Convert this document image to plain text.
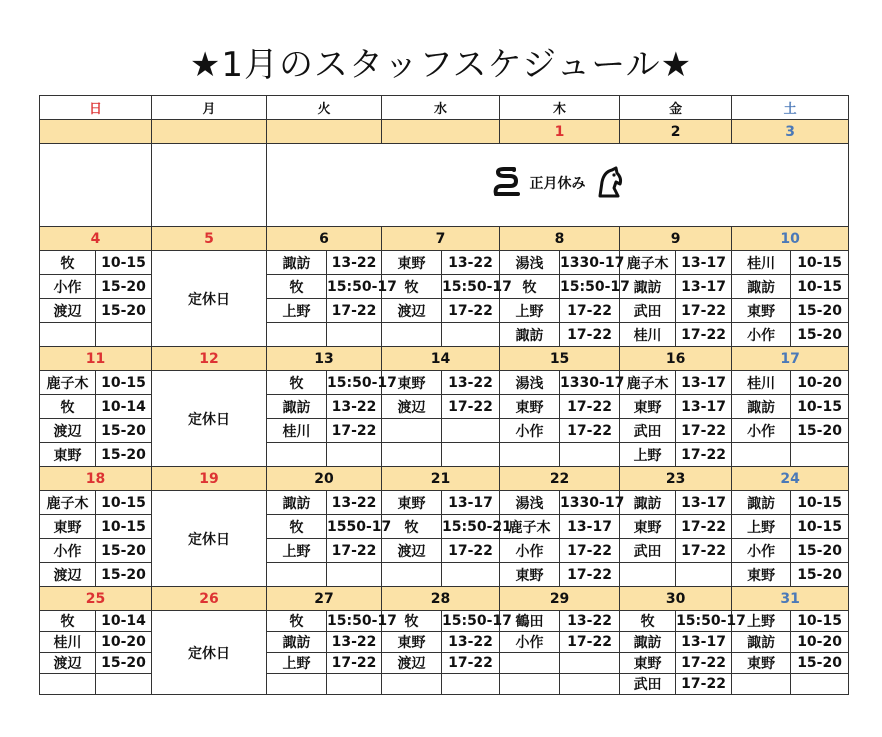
★1月のスタッフスケジュール★
日		月	火		水		木		金		土	
							1		2		3	

			正月休み									

4		5	6		7		8		9		10	
牧	10-15	定休日	諏訪	13-22	東野	13-22	湯浅	1330-17	鹿子木	13-17	桂川	10-15
小作	15-20		牧	15:50-17	牧	15:50-17	牧	15:50-17	諏訪	13-17	諏訪	10-15
渡辺	15-20		上野	17-22	渡辺	17-22	上野	17-22	武田	17-22	東野	15-20
							諏訪	17-22	桂川	17-22	小作	15-20
11		12	13		14		15		16		17	
鹿子木	10-15	定休日	牧	15:50-17	東野	13-22	湯浅	1330-17	鹿子木	13-17	桂川	10-20
牧	10-14		諏訪	13-22	渡辺	17-22	東野	17-22	東野	13-17	諏訪	10-15
渡辺	15-20		桂川	17-22			小作	17-22	武田	17-22	小作	15-20
東野	15-20								上野	17-22		
18		19	20		21		22		23		24	
鹿子木	10-15	定休日	諏訪	13-22	東野	13-17	湯浅	1330-17	諏訪	13-17	諏訪	10-15
東野	10-15		牧	1550-17	牧	15:50-21	鹿子木	13-17	東野	17-22	上野	10-15
小作	15-20		上野	17-22	渡辺	17-22	小作	17-22	武田	17-22	小作	15-20
渡辺	15-20						東野	17-22			東野	15-20
25		26	27		28		29		30		31	
牧	10-14	定休日	牧	15:50-17	牧	15:50-17	鶴田	13-22	牧	15:50-17	上野	10-15
桂川	10-20		諏訪	13-22	東野	13-22	小作	17-22	諏訪	13-17	諏訪	10-20
渡辺	15-20		上野	17-22	渡辺	17-22			東野	17-22	東野	15-20
									武田	17-22		
